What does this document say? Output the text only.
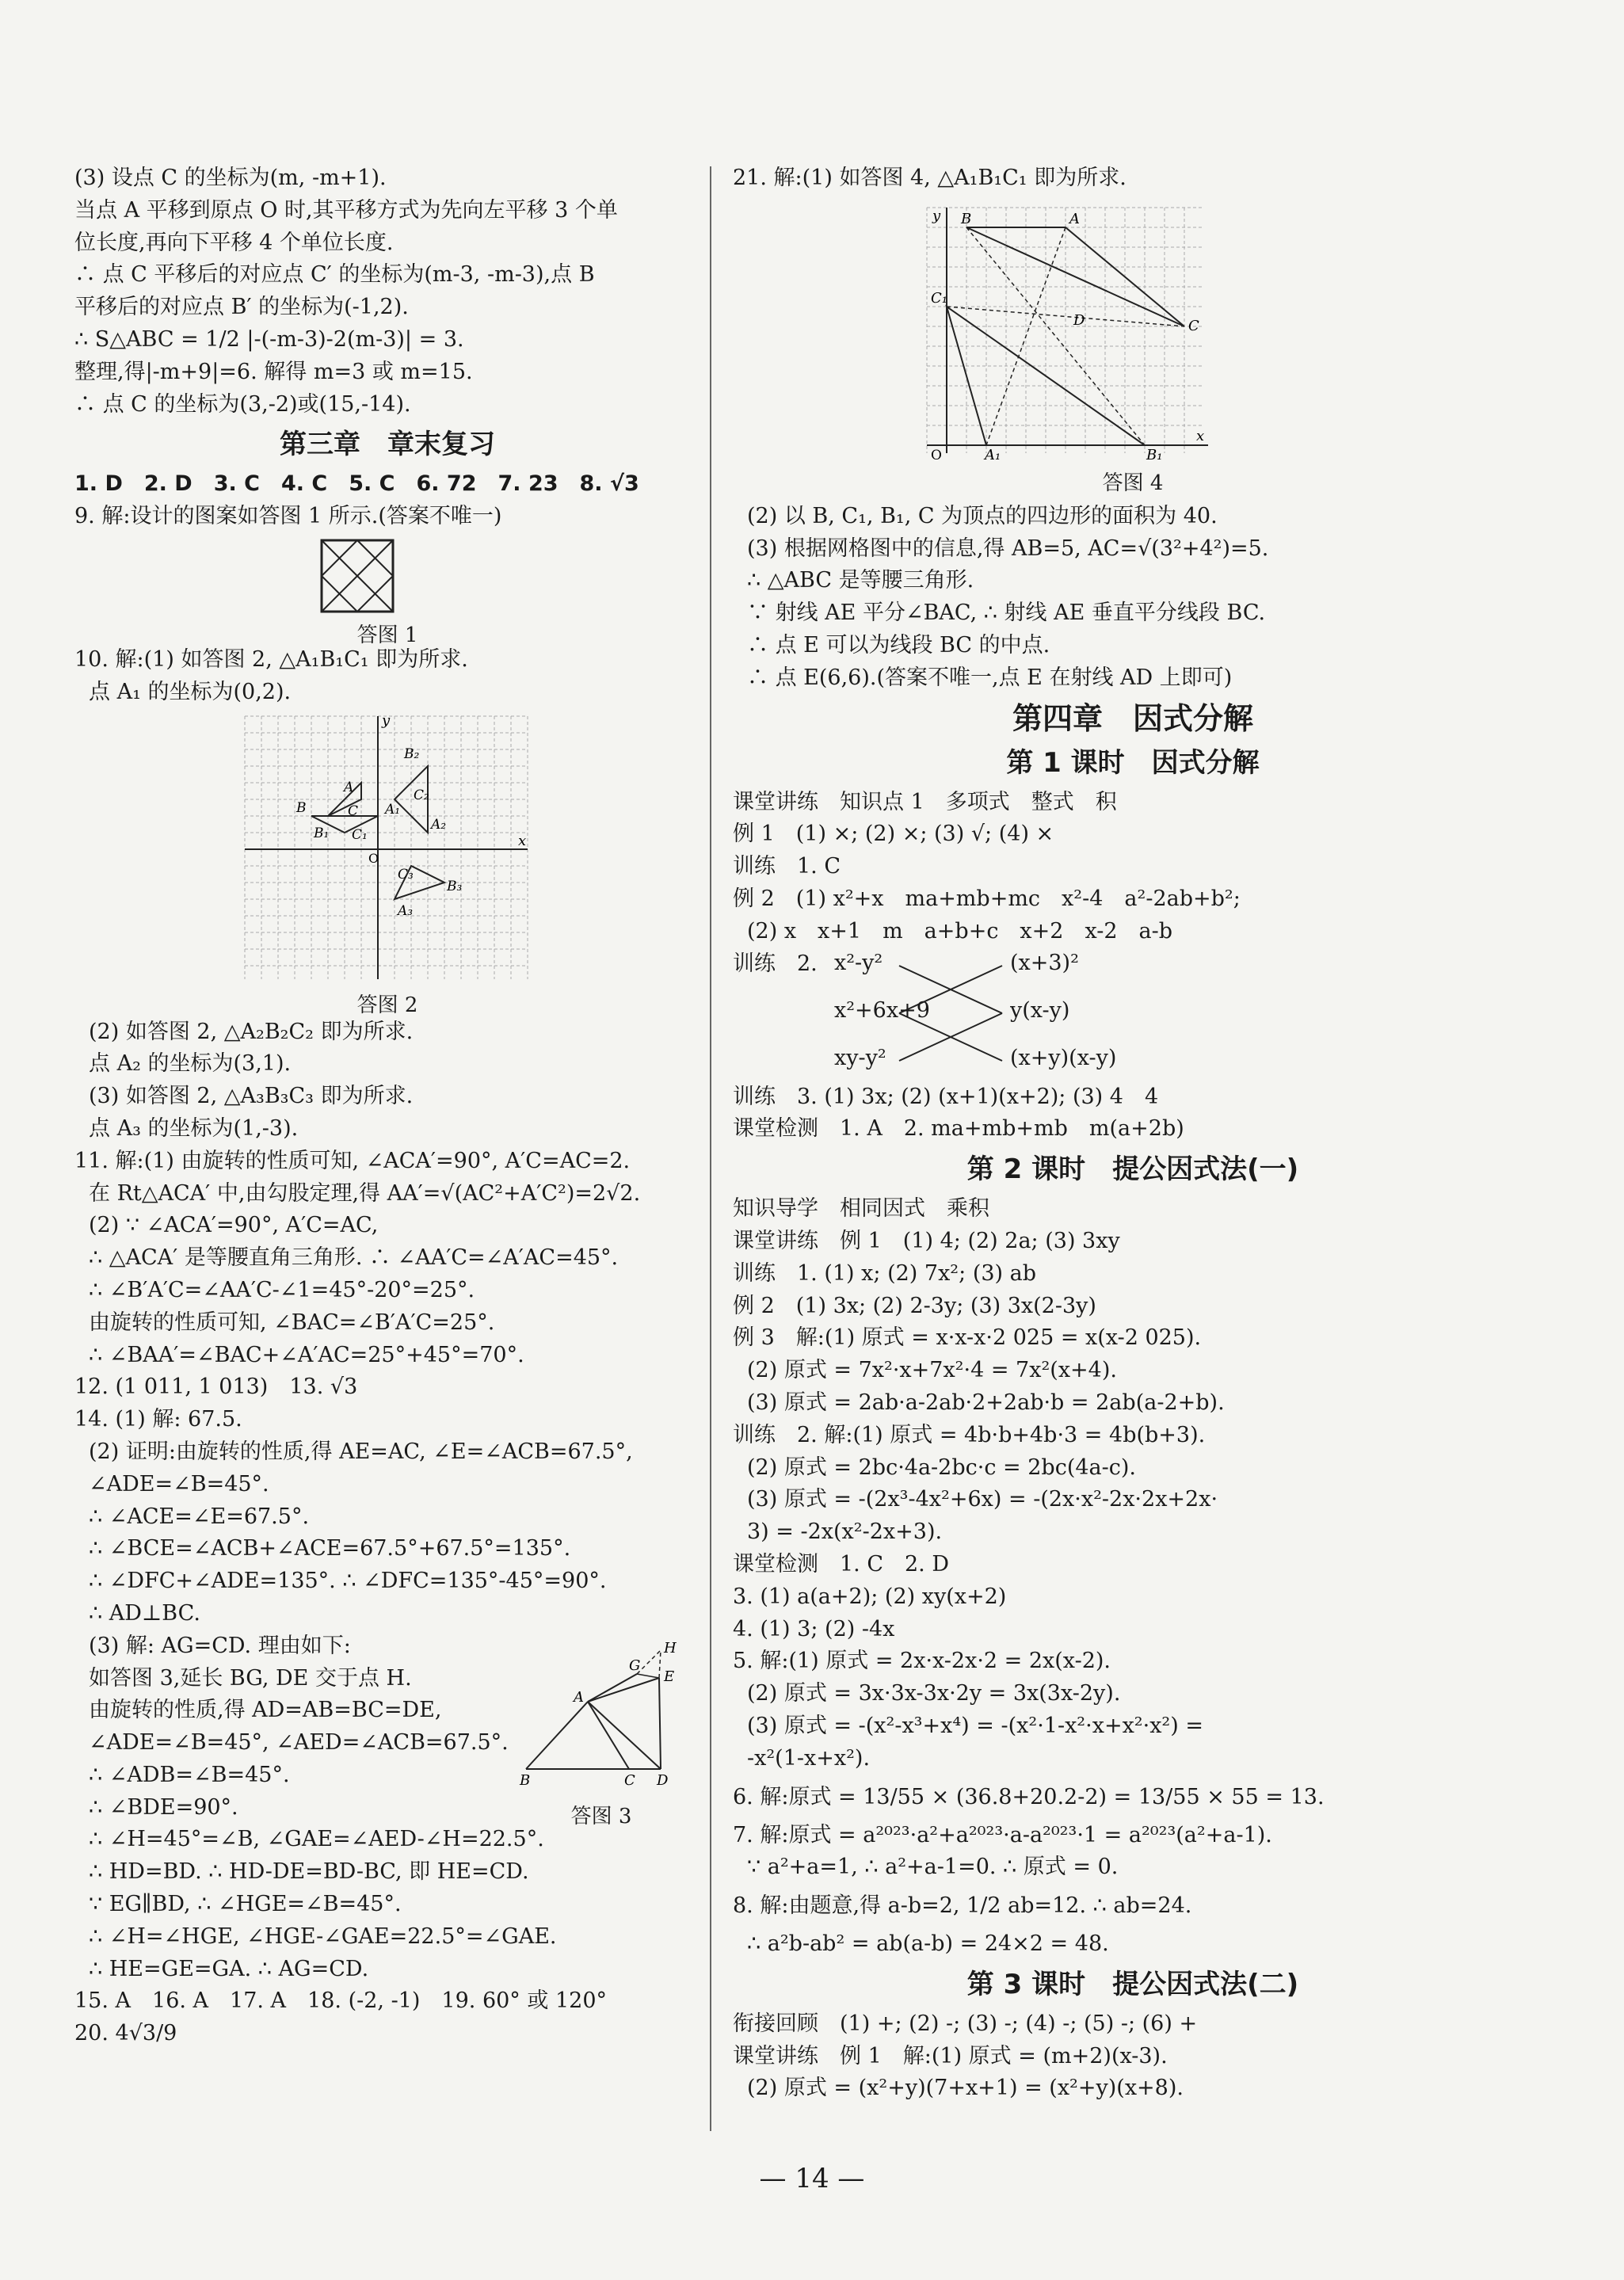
(3) 设点 C 的坐标为(m, -m+1).
当点 A 平移到原点 O 时,其平移方式为先向左平移 3 个单
位长度,再向下平移 4 个单位长度.
∴ 点 C 平移后的对应点 C′ 的坐标为(m-3, -m-3),点 B
平移后的对应点 B′ 的坐标为(-1,2).
∴ S△ABC = 1/2 |-(-m-3)-2(m-3)| = 3.
整理,得|-m+9|=6. 解得 m=3 或 m=15.
∴ 点 C 的坐标为(3,-2)或(15,-14).
第三章　章末复习
1. D　2. D　3. C　4. C　5. C　6. 72　7. 23　8. √3
9. 解:设计的图案如答图 1 所示.(答案不唯一)
答图 1
10. 解:(1) 如答图 2, △A₁B₁C₁ 即为所求.
点 A₁ 的坐标为(0,2).
x
y
O
B	C
A
B₁ C₁
A₁
B₂
C₂
A₂
B₃
C₃
A₃
答图 2
(2) 如答图 2, △A₂B₂C₂ 即为所求.
点 A₂ 的坐标为(3,1).
(3) 如答图 2, △A₃B₃C₃ 即为所求.
点 A₃ 的坐标为(1,-3).
11. 解:(1) 由旋转的性质可知, ∠ACA′=90°, A′C=AC=2.
在 Rt△ACA′ 中,由勾股定理,得 AA′=√(AC²+A′C²)=2√2.
(2) ∵ ∠ACA′=90°, A′C=AC,
∴ △ACA′ 是等腰直角三角形. ∴ ∠AA′C=∠A′AC=45°.
∴ ∠B′A′C=∠AA′C-∠1=45°-20°=25°.
由旋转的性质可知, ∠BAC=∠B′A′C=25°.
∴ ∠BAA′=∠BAC+∠A′AC=25°+45°=70°.
12. (1 011, 1 013)　13. √3
14. (1) 解: 67.5.
(2) 证明:由旋转的性质,得 AE=AC, ∠E=∠ACB=67.5°,
∠ADE=∠B=45°.
∴ ∠ACE=∠E=67.5°.
∴ ∠BCE=∠ACB+∠ACE=67.5°+67.5°=135°.
∴ ∠DFC+∠ADE=135°. ∴ ∠DFC=135°-45°=90°.
∴ AD⊥BC.
(3) 解: AG=CD. 理由如下:
如答图 3,延长 BG, DE 交于点 H.
由旋转的性质,得 AD=AB=BC=DE,
∠ADE=∠B=45°, ∠AED=∠ACB=67.5°.
∴ ∠ADB=∠B=45°.
∴ ∠BDE=90°.
B	C D
A
G
E
H
答图 3
∴ ∠H=45°=∠B, ∠GAE=∠AED-∠H=22.5°.
∴ HD=BD. ∴ HD-DE=BD-BC, 即 HE=CD.
∵ EG∥BD, ∴ ∠HGE=∠B=45°.
∴ ∠H=∠HGE, ∠HGE-∠GAE=22.5°=∠GAE.
∴ HE=GE=GA. ∴ AG=CD.
15. A　16. A　17. A　18. (-2, -1)　19. 60° 或 120°
20. 4√3/9
21. 解:(1) 如答图 4, △A₁B₁C₁ 即为所求.
x
y
O
B	A
C
C₁
D
A₁	B₁
答图 4
(2) 以 B, C₁, B₁, C 为顶点的四边形的面积为 40.
(3) 根据网格图中的信息,得 AB=5, AC=√(3²+4²)=5.
∴ △ABC 是等腰三角形.
∵ 射线 AE 平分∠BAC, ∴ 射线 AE 垂直平分线段 BC.
∴ 点 E 可以为线段 BC 的中点.
∴ 点 E(6,6).(答案不唯一,点 E 在射线 AD 上即可)
第四章　因式分解
第 1 课时　因式分解
课堂讲练　知识点 1　多项式　整式　积
例 1　(1) ×; (2) ×; (3) √; (4) ×
训练　1. C
例 2　(1) x²+x　ma+mb+mc　x²-4　a²-2ab+b²;
(2) x　x+1　m　a+b+c　x+2　x-2　a-b
训练　2. x²-y²
x²+6x+9
xy-y²
(x+3)²
y(x-y)
(x+y)(x-y)
训练　3. (1) 3x; (2) (x+1)(x+2); (3) 4　4
课堂检测　1. A　2. ma+mb+mb　m(a+2b)
第 2 课时　提公因式法(一)
知识导学　相同因式　乘积
课堂讲练　例 1　(1) 4; (2) 2a; (3) 3xy
训练　1. (1) x; (2) 7x²; (3) ab
例 2　(1) 3x; (2) 2-3y; (3) 3x(2-3y)
例 3　解:(1) 原式 = x·x-x·2 025 = x(x-2 025).
(2) 原式 = 7x²·x+7x²·4 = 7x²(x+4).
(3) 原式 = 2ab·a-2ab·2+2ab·b = 2ab(a-2+b).
训练　2. 解:(1) 原式 = 4b·b+4b·3 = 4b(b+3).
(2) 原式 = 2bc·4a-2bc·c = 2bc(4a-c).
(3) 原式 = -(2x³-4x²+6x) = -(2x·x²-2x·2x+2x·
3) = -2x(x²-2x+3).
课堂检测　1. C　2. D
3. (1) a(a+2); (2) xy(x+2)
4. (1) 3; (2) -4x
5. 解:(1) 原式 = 2x·x-2x·2 = 2x(x-2).
(2) 原式 = 3x·3x-3x·2y = 3x(3x-2y).
(3) 原式 = -(x²-x³+x⁴) = -(x²·1-x²·x+x²·x²) =
-x²(1-x+x²).
6. 解:原式 = 13/55 × (36.8+20.2-2) = 13/55 × 55 = 13.
7. 解:原式 = a²⁰²³·a²+a²⁰²³·a-a²⁰²³·1 = a²⁰²³(a²+a-1).
∵ a²+a=1, ∴ a²+a-1=0. ∴ 原式 = 0.
8. 解:由题意,得 a-b=2, 1/2 ab=12. ∴ ab=24.
∴ a²b-ab² = ab(a-b) = 24×2 = 48.
第 3 课时　提公因式法(二)
衔接回顾　(1) +; (2) -; (3) -; (4) -; (5) -; (6) +
课堂讲练　例 1　解:(1) 原式 = (m+2)(x-3).
(2) 原式 = (x²+y)(7+x+1) = (x²+y)(x+8).
— 14 —
